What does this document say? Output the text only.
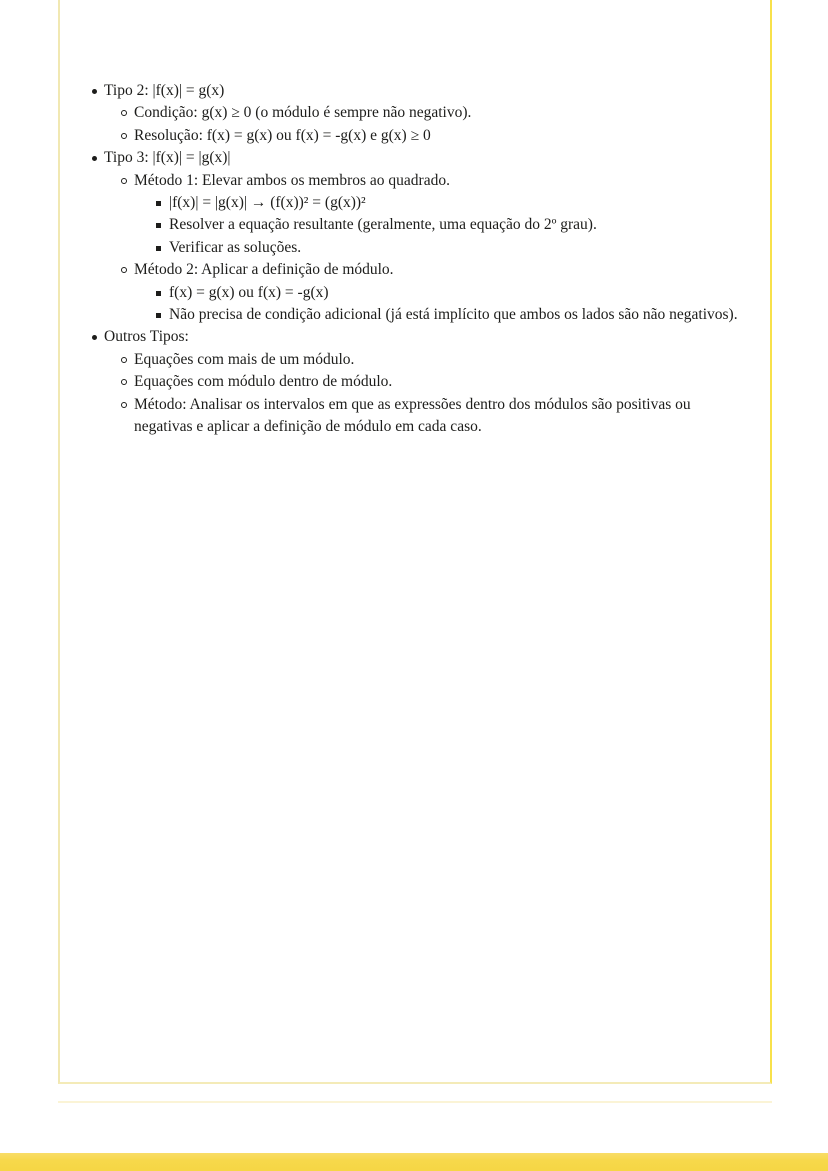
Tipo 2: |f(x)| = g(x)
Condição: g(x) ≥ 0 (o módulo é sempre não negativo).
Resolução: f(x) = g(x) ou f(x) = -g(x) e g(x) ≥ 0
Tipo 3: |f(x)| = |g(x)|
Método 1: Elevar ambos os membros ao quadrado.
|f(x)| = |g(x)| → (f(x))² = (g(x))²
Resolver a equação resultante (geralmente, uma equação do 2º grau).
Verificar as soluções.
Método 2: Aplicar a definição de módulo.
f(x) = g(x) ou f(x) = -g(x)
Não precisa de condição adicional (já está implícito que ambos os lados são não negativos).
Outros Tipos:
Equações com mais de um módulo.
Equações com módulo dentro de módulo.
Método: Analisar os intervalos em que as expressões dentro dos módulos são positivas ou negativas e aplicar a definição de módulo em cada caso.
